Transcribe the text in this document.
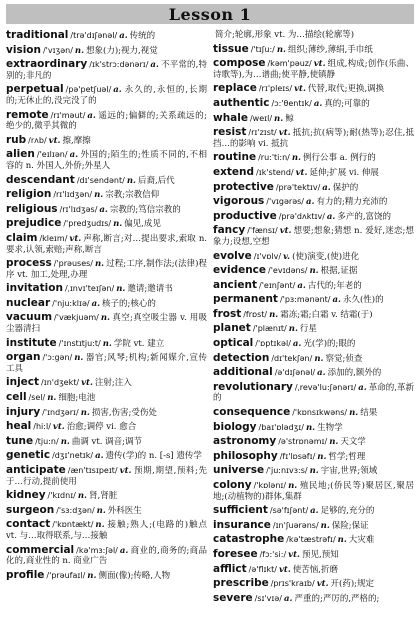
Lesson 1
traditional /trə'dɪʃənəl/ a. 传统的
vision /'vɪʒən/ n. 想象(力);视力,视觉
extraordinary /ɪk'strɔ:dənərɪ/ a. 不平常的,特别的;非凡的
perpetual /pə'petʃuəl/ a. 永久的,永恒的,长期的;无休止的,没完没了的
remote /rɪ'məut/ a. 遥远的;偏僻的;关系疏远的;绝少的,微乎其微的
rub /rʌb/ vt. 擦,摩擦
alien /'eɪlɪən/ a. 外国的;陌生的;性质不同的,不相容的 n. 外国人,外侨;外星人
descendant /dɪ'sendənt/ n. 后裔,后代
religion /rɪ'lɪdʒən/ n. 宗教;宗教信仰
religious /rɪ'lɪdʒəs/ a. 宗教的;笃信宗教的
prejudice /'predʒudɪs/ n. 偏见,成见
claim /kleɪm/ vt. 声称,断言;对…提出要求,索取 n. 要求,认领,索赔;声称,断言
process /'prəuses/ n. 过程;工序,制作法;(法律)程序 vt. 加工,处理,办理
invitation /ˌɪnvɪ'teɪʃən/ n. 邀请;邀请书
nuclear /'nju:klɪə/ a. 核子的;核心的
vacuum /'vækjuəm/ n. 真空;真空吸尘器 v. 用吸尘器清扫
institute /'ɪnstɪtju:t/ n. 学院 vt. 建立
organ /'ɔ:gən/ n. 器官;风琴;机构;新闻媒介,宣传工具
inject /ɪn'dʒekt/ vt. 注射;注入
cell /sel/ n. 细胞;电池
injury /'ɪndʒərɪ/ n. 损害,伤害;受伤处
heal /hi:l/ vt. 治愈;调停 vi. 愈合
tune /tju:n/ n. 曲调 vt. 调音;调节
genetic /dʒɪ'netɪk/ a. 遗传(学)的 n. [-s] 遗传学
anticipate /æn'tɪsɪpeɪt/ vt. 预期,期望,预料;先于…行动,提前使用
kidney /'kɪdnɪ/ n. 肾,肾脏
surgeon /'sɜ:dʒən/ n. 外科医生
contact /'kɒntækt/ n. 接触;熟人;(电路的)触点 vt. 与…取得联系,与…接触
commercial /kə'mɜ:ʃəl/ a. 商业的,商务的;商品化的,商业性的 n. 商业广告
profile /'prəufaɪl/ n. 侧面(像);传略,人物
简介;轮廓,形象 vt. 为…描绘(轮廓等)
tissue /'tɪʃu:/ n. 组织;薄纱,薄绢,手巾纸
compose /kəm'pəuz/ vt. 组成,构成;创作(乐曲、诗歌等),为…谱曲;使平静,使镇静
replace /rɪ'pleɪs/ vt. 代替,取代;更换,调换
authentic /ɔ:'θentɪk/ a. 真的;可靠的
whale /weɪl/ n. 鲸
resist /rɪ'zɪst/ vt. 抵抗;抗(病等);耐(热等);忍住,抵挡…的影响 vi. 抵抗
routine /ru:'ti:n/ n. 例行公事 a. 例行的
extend /ɪk'stend/ vt. 延伸;扩展 vi. 伸展
protective /prə'tektɪv/ a. 保护的
vigorous /'vɪgərəs/ a. 有力的;精力充沛的
productive /prə'dʌktɪv/ a. 多产的,富饶的
fancy /'fænsɪ/ vt. 想要;想象;猜想 n. 爱好,迷恋;想象力;设想,空想
evolve /ɪ'vɒlv/ v. (使)演变,(使)进化
evidence /'evɪdəns/ n. 根据,证据
ancient /'eɪnʃənt/ a. 古代的;年老的
permanent /'pɜ:mənənt/ a. 永久(性)的
frost /frɒst/ n. 霜冻;霜;白霜 v. 结霜(于)
planet /'plænɪt/ n. 行星
optical /'ɒptɪkəl/ a. 光(学)的;眼的
detection /dɪ'tekʃən/ n. 察觉;侦查
additional /ə'dɪʃənəl/ a. 添加的,额外的
revolutionary /ˌrevə'lu:ʃənərɪ/ a. 革命的,革新的
consequence /'kɒnsɪkwəns/ n. 结果
biology /baɪ'ɒlədʒɪ/ n. 生物学
astronomy /ə'strɒnəmɪ/ n. 天文学
philosophy /fɪ'lɒsəfɪ/ n. 哲学;哲理
universe /'ju:nɪvɜ:s/ n. 宇宙,世界;领域
colony /'kɒlənɪ/ n. 殖民地;(侨民等)聚居区,聚居地;(动植物的)群体,集群
sufficient /sə'fɪʃənt/ a. 足够的,充分的
insurance /ɪn'ʃuərəns/ n. 保险;保证
catastrophe /kə'tæstrəfɪ/ n. 大灾难
foresee /fɔ:'si:/ vt. 预见,预知
afflict /ə'flɪkt/ vt. 使苦恼,折磨
prescribe /prɪs'kraɪb/ vt. 开(药);规定
severe /sɪ'vɪə/ a. 严重的;严厉的,严格的;
